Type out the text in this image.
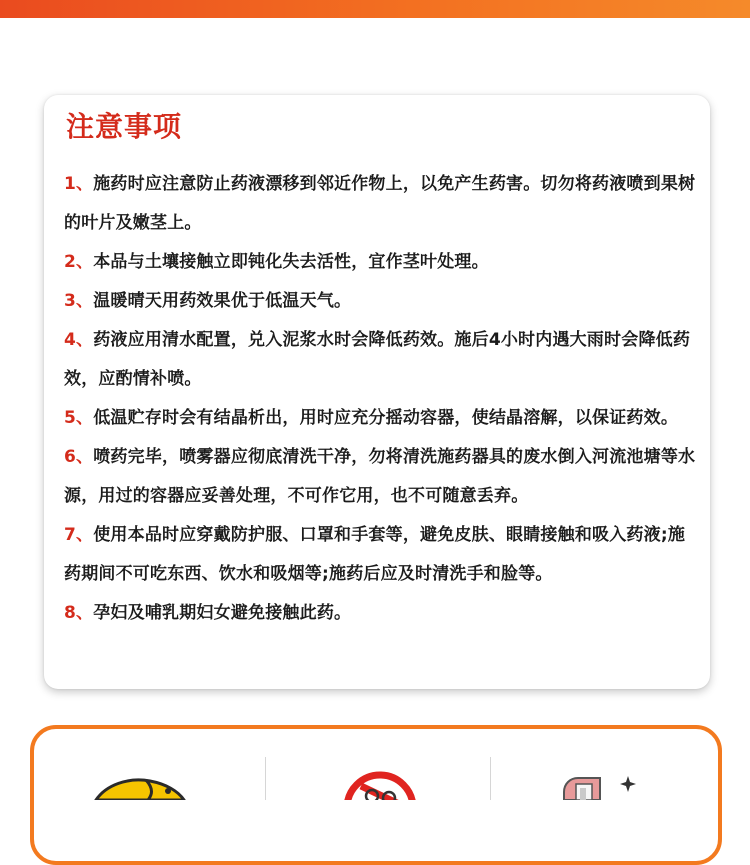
注意事项
1、施药时应注意防止药液漂移到邻近作物上，以免产生药害。切勿将药液喷到果树的叶片及嫩茎上。
2、本品与土壤接触立即钝化失去活性，宜作茎叶处理。
3、温暖晴天用药效果优于低温天气。
4、药液应用清水配置，兑入泥浆水时会降低药效。施后4小时内遇大雨时会降低药效，应酌情补喷。
5、低温贮存时会有结晶析出，用时应充分摇动容器，使结晶溶解，以保证药效。
6、喷药完毕，喷雾器应彻底清洗干净，勿将清洗施药器具的废水倒入河流池塘等水源，用过的容器应妥善处理，不可作它用，也不可随意丢弃。
7、使用本品时应穿戴防护服、口罩和手套等，避免皮肤、眼睛接触和吸入药液;施药期间不可吃东西、饮水和吸烟等;施药后应及时清洗手和脸等。
8、孕妇及哺乳期妇女避免接触此药。
